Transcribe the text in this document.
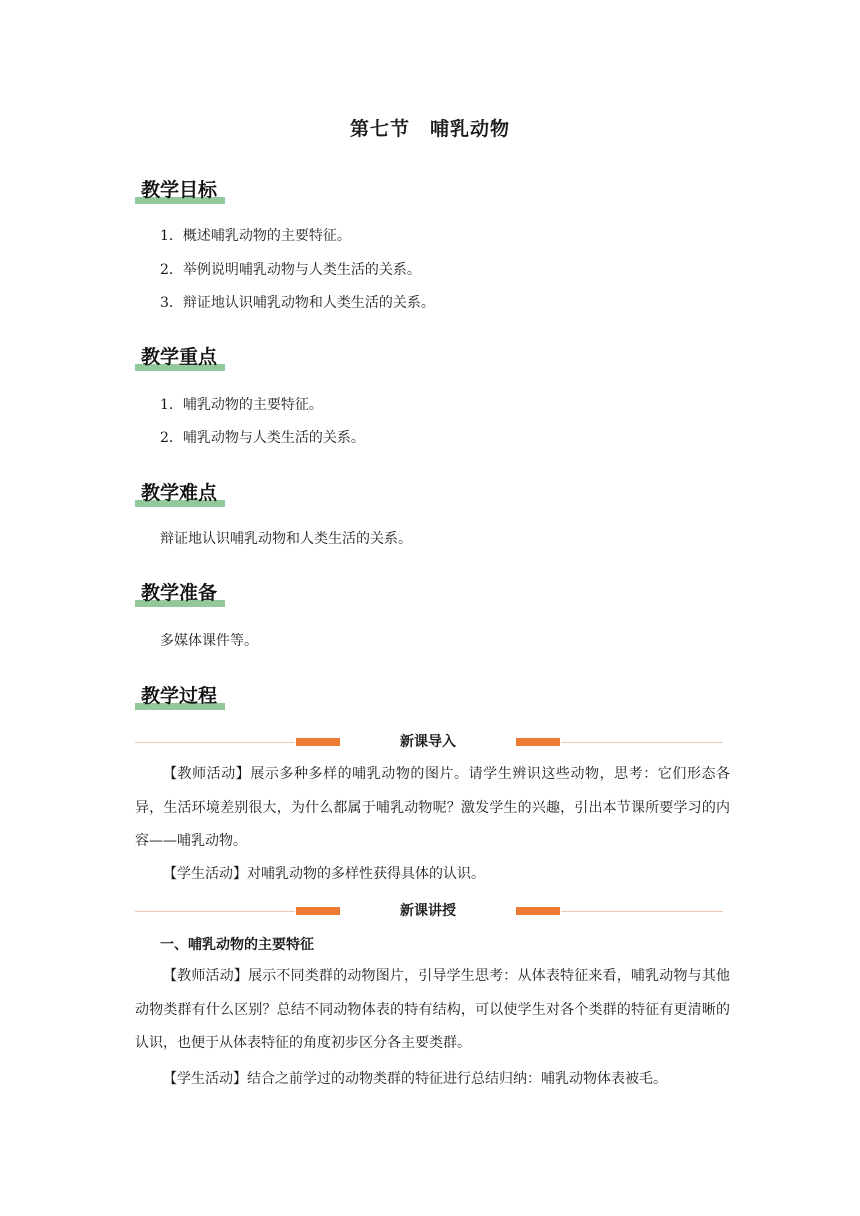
第七节　哺乳动物
教学目标
1．概述哺乳动物的主要特征。
2．举例说明哺乳动物与人类生活的关系。
3．辩证地认识哺乳动物和人类生活的关系。
教学重点
1．哺乳动物的主要特征。
2．哺乳动物与人类生活的关系。
教学难点
辩证地认识哺乳动物和人类生活的关系。
教学准备
多媒体课件等。
教学过程
新课导入
【教师活动】展示多种多样的哺乳动物的图片。请学生辨识这些动物，思考：它们形态各异，生活环境差别很大，为什么都属于哺乳动物呢？激发学生的兴趣，引出本节课所要学习的内容——哺乳动物。
【学生活动】对哺乳动物的多样性获得具体的认识。
新课讲授
一、哺乳动物的主要特征
【教师活动】展示不同类群的动物图片，引导学生思考：从体表特征来看，哺乳动物与其他动物类群有什么区别？总结不同动物体表的特有结构，可以使学生对各个类群的特征有更清晰的认识，也便于从体表特征的角度初步区分各主要类群。
【学生活动】结合之前学过的动物类群的特征进行总结归纳：哺乳动物体表被毛。
